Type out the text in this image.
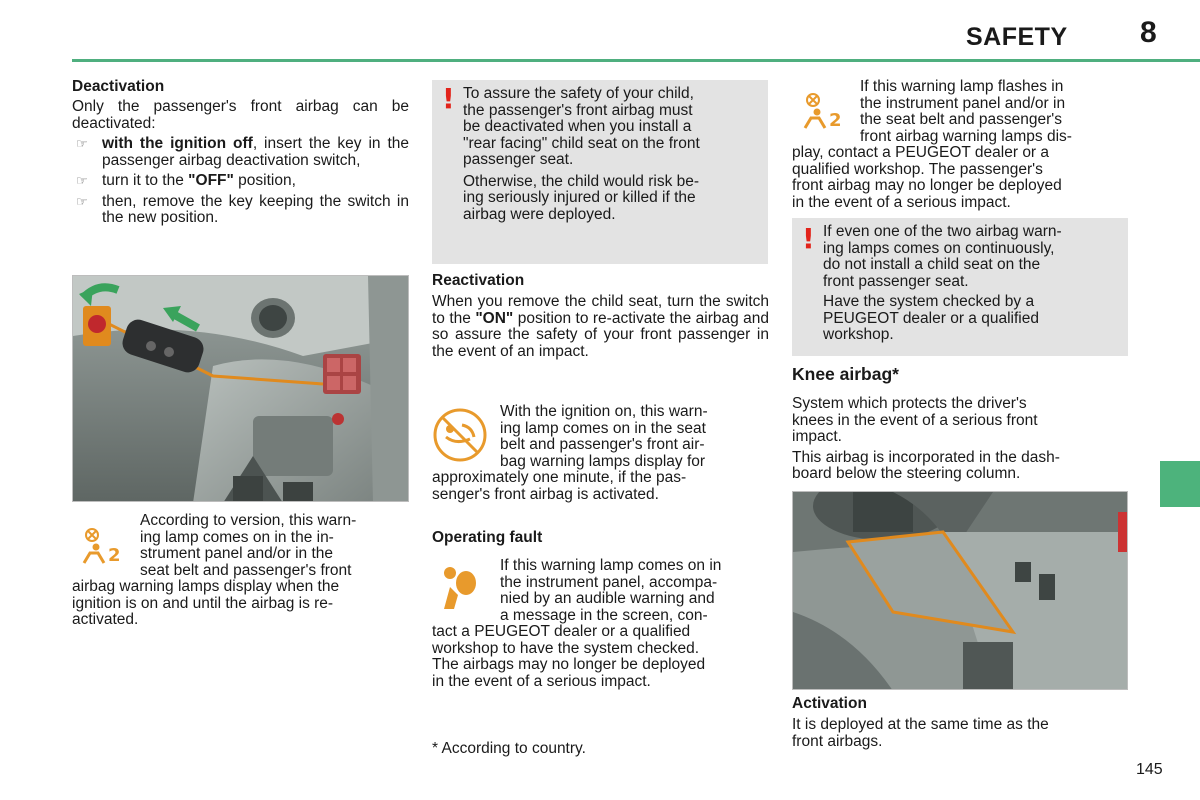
SAFETY 8
Deactivation

Only the passenger's front airbag can be deactivated:

☞ with the ignition off, insert the key in the passenger airbag deactivation switch,
☞ turn it to the "OFF" position,
☞ then, remove the key keeping the switch in the new position.
2
According to version, this warn-
ing lamp comes on in the in-
strument panel and/or in the
seat belt and passenger's front
airbag warning lamps display when the
ignition is on and until the airbag is re-
activated.
! To assure the safety of your child,
the passenger's front airbag must
be deactivated when you install a
"rear facing" child seat on the front
passenger seat.
Otherwise, the child would risk be-
ing seriously injured or killed if the
airbag were deployed.
Reactivation

When you remove the child seat, turn the switch to the "ON" position to re-activate the airbag and so assure the safety of your front passenger in the event of an impact.

With the ignition on, this warn-
ing lamp comes on in the seat
belt and passenger's front air-
bag warning lamps display for
approximately one minute, if the pas-
senger's front airbag is activated.
Operating fault
If this warning lamp comes on in
the instrument panel, accompa-
nied by an audible warning and
a message in the screen, con-
tact a PEUGEOT dealer or a qualified
workshop to have the system checked.
The airbags may no longer be deployed
in the event of a serious impact.
* According to country.
2
If this warning lamp flashes in
the instrument panel and/or in
the seat belt and passenger's
front airbag warning lamps dis-
play, contact a PEUGEOT dealer or a
qualified workshop. The passenger's
front airbag may no longer be deployed
in the event of a serious impact.
! If even one of the two airbag warn-
ing lamps comes on continuously,
do not install a child seat on the
front passenger seat.
Have the system checked by a
PEUGEOT dealer or a qualified
workshop.
Knee airbag*
System which protects the driver's
knees in the event of a serious front
impact.
This airbag is incorporated in the dash-
board below the steering column.
Activation
It is deployed at the same time as the
front airbags.
145
